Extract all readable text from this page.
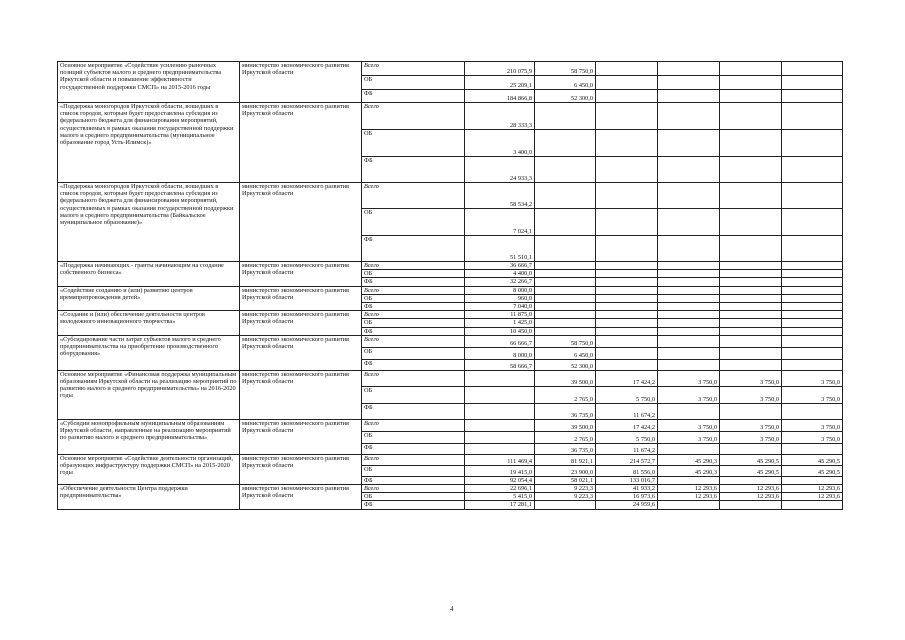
Основное мероприятие «Содействие усилению рыночных позиций субъектов малого и среднего предпринимательства Иркутской области и повышение эффективности государственной поддержки СМСП» на 2015-2016 годы	министерство экономического развития Иркутской области	Всего	210 075,9	58 750,0				
		ОБ	25 209,1	6 450,0				
		ФБ	184 866,8	52 300,0				
«Поддержка моногородов Иркутской области, вошедших в список городов, которым будет предоставлена субсидия из федерального бюджета для финансирования мероприятий, осуществляемых в рамках оказания государственной поддержки малого и среднего предпринимательства (муниципальное образование город Усть-Илимск)»	министерство экономического развития Иркутской области	Всего	28 333,3					
		ОБ	3 400,0					
		ФБ	24 933,3					
«Поддержка моногородов Иркутской области, вошедших в список городов, которым будет предоставлена субсидия из федерального бюджета для финансирования мероприятий, осуществляемых в рамках оказания государственной поддержки малого и среднего предпринимательства (Байкальское муниципальное образование)»	министерство экономического развития Иркутской области	Всего	58 534,2					
		ОБ	7 024,1					
		ФБ	51 510,1					
«Поддержка начинающих - гранты начинающим на создание собственного бизнеса»	министерство экономического развития Иркутской области	Всего	36 666,7					
		ОБ	4 400,0					
		ФБ	32 266,7					
«Содействие созданию и (или) развитию центров времяпрепровождения детей»	министерство экономического развития Иркутской области	Всего	8 000,0					
		ОБ	960,0					
		ФБ	7 040,0					
«Создание и (или) обеспечение деятельности центров молодежного инновационного творчества»	министерство экономического развития Иркутской области	Всего	11 875,0					
		ОБ	1 425,0					
		ФБ	10 450,0					
«Субсидирование части затрат субъектов малого и среднего предпринимательства на приобретение производственного оборудования»	министерство экономического развития Иркутской области	Всего	66 666,7	58 750,0				
		ОБ	8 000,0	6 450,0				
		ФБ	58 666,7	52 300,0				
Основное мероприятие «Финансовая поддержка муниципальным образованиям Иркутской области на реализацию мероприятий по развитию малого и среднего предпринимательства» на 2016-2020 годы	министерство экономического развития Иркутской области	Всего		39 500,0	17 424,2	3 750,0	3 750,0	3 750,0
		ОБ		2 765,0	5 750,0	3 750,0	3 750,0	3 750,0
		ФБ		36 735,0	11 674,2			
«Субсидии монопрофильным муниципальным образованиям Иркутской области, направленные на реализацию мероприятий по развитию малого и среднего предпринимательства»	министерство экономического развития Иркутской области	Всего		39 500,0	17 424,2	3 750,0	3 750,0	3 750,0
		ОБ		2 765,0	5 750,0	3 750,0	3 750,0	3 750,0
		ФБ		36 735,0	11 674,2			
Основное мероприятие «Содействие деятельности организаций, образующих инфраструктуру поддержки СМСП» на 2015-2020 годы	министерство экономического развития Иркутской области	Всего	111 469,4	81 921,1	214 572,7	45 290,3	45 290,5	45 290,5
		ОБ	19 415,0	23 900,0	81 556,0	45 290,3	45 290,5	45 290,5
		ФБ	92 054,4	58 021,1	133 016,7			
«Обеспечение деятельности Центра поддержки предпринимательства»	министерство экономического развития Иркутской области	Всего	22 696,1	9 223,3	41 933,2	12 293,6	12 293,6	12 293,6
		ОБ	5 415,0	9 223,3	16 973,6	12 293,6	12 293,6	12 293,6
		ФБ	17 281,1		24 959,6			
4
